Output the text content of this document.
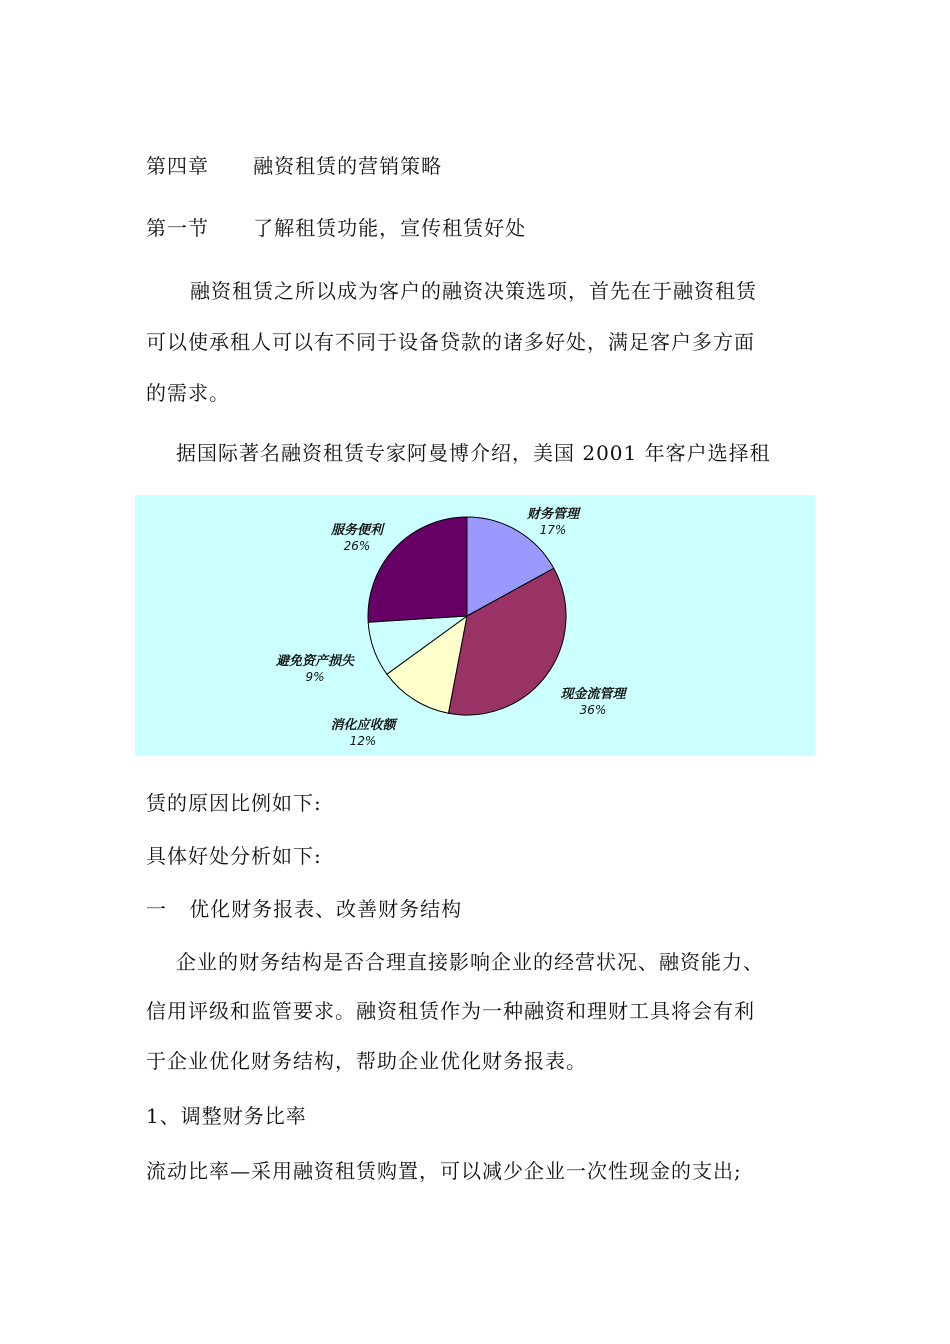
第四章 融资租赁的营销策略
第一节 了解租赁功能，宣传租赁好处
融资租赁之所以成为客户的融资决策选项，首先在于融资租赁
可以使承租人可以有不同于设备贷款的诸多好处，满足客户多方面
的需求。
据国际著名融资租赁专家阿曼博介绍，美国 2001 年客户选择租
财务管理
17%
现金流管理
36%
消化应收额
12%
避免资产损失
9%
服务便利
26%
赁的原因比例如下:
具体好处分析如下:
一 优化财务报表、改善财务结构
企业的财务结构是否合理直接影响企业的经营状况、融资能力、
信用评级和监管要求。融资租赁作为一种融资和理财工具将会有利
于企业优化财务结构，帮助企业优化财务报表。
1、调整财务比率
流动比率—采用融资租赁购置，可以减少企业一次性现金的支出;
